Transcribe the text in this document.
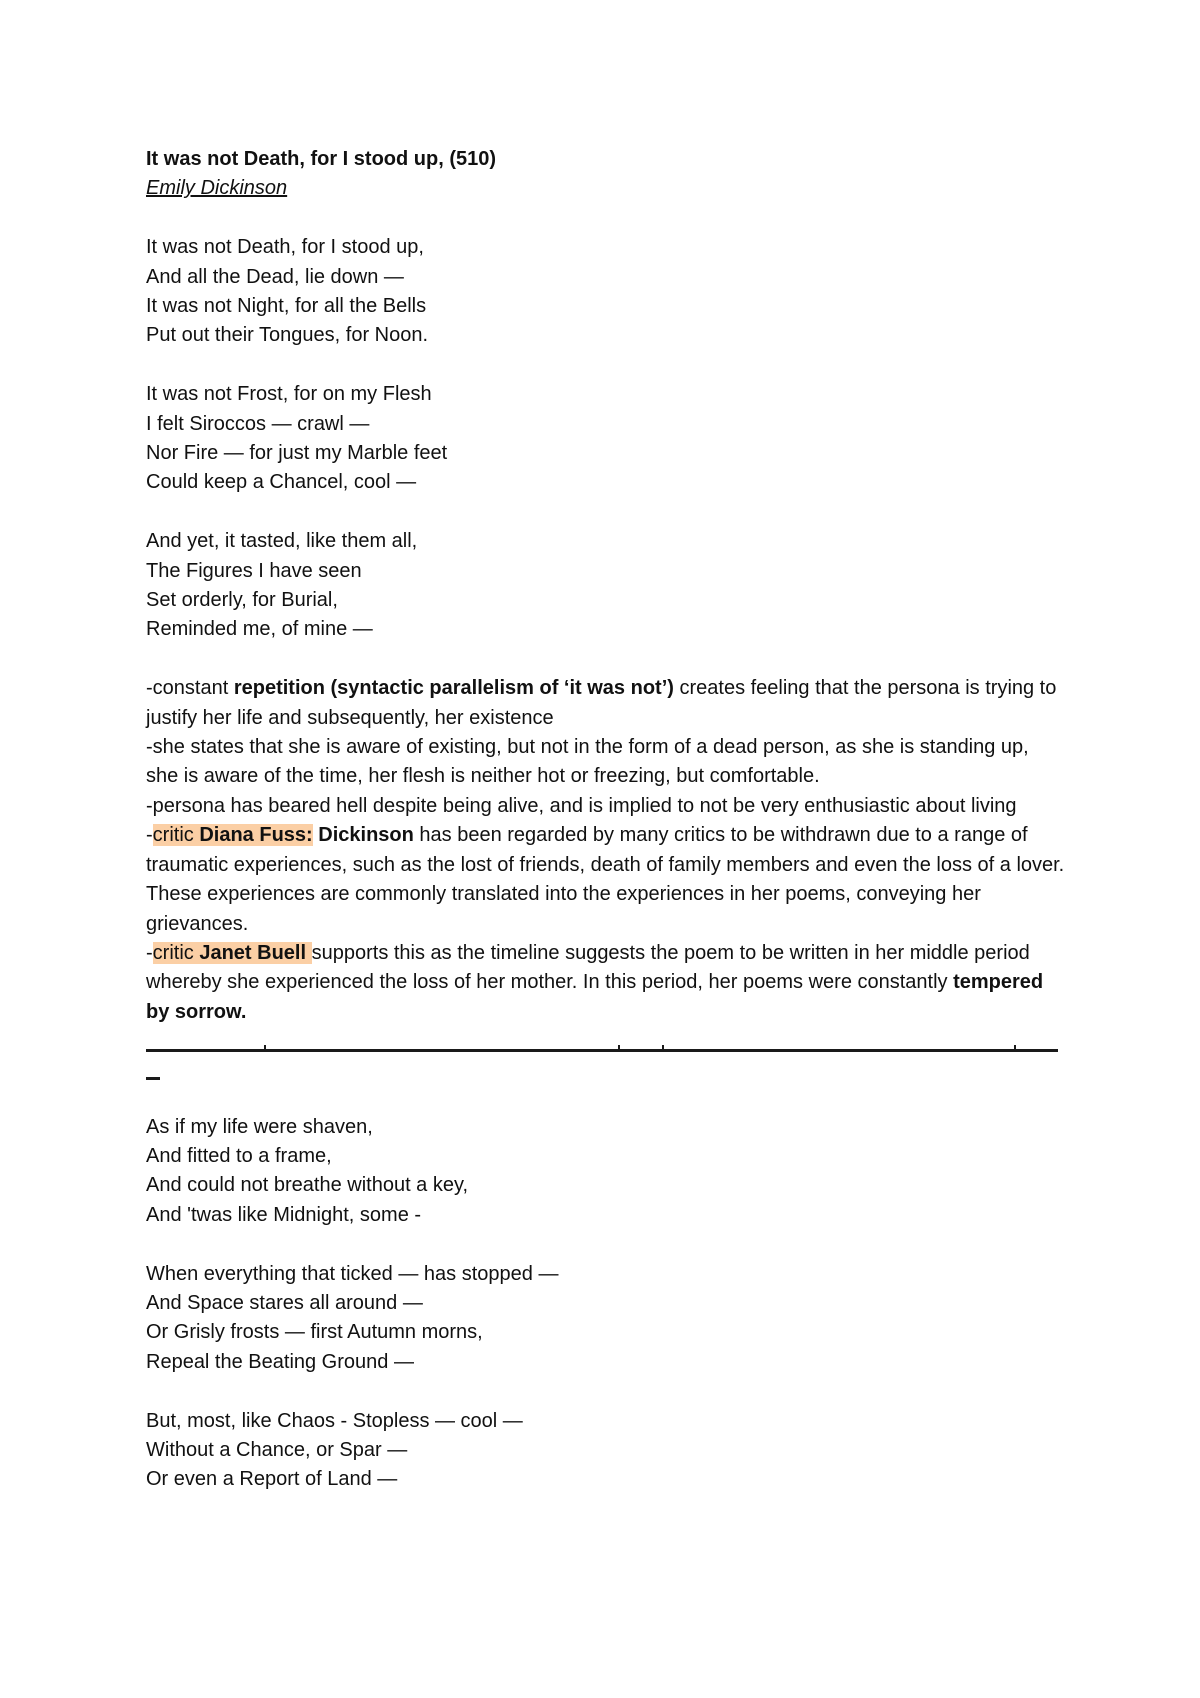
It was not Death, for I stood up, (510)
Emily Dickinson
It was not Death, for I stood up,
And all the Dead, lie down —
It was not Night, for all the Bells
Put out their Tongues, for Noon.
It was not Frost, for on my Flesh
I felt Siroccos — crawl —
Nor Fire — for just my Marble feet
Could keep a Chancel, cool —
And yet, it tasted, like them all,
The Figures I have seen
Set orderly, for Burial,
Reminded me, of mine —

-constant repetition (syntactic parallelism of ‘it was not’) creates feeling that the persona is trying to justify her life and subsequently, her existence

-she states that she is aware of existing, but not in the form of a dead person, as she is standing up, she is aware of the time, her flesh is neither hot or freezing, but comfortable.

-persona has beared hell despite being alive, and is implied to not be very enthusiastic about living

-critic Diana Fuss: Dickinson has been regarded by many critics to be withdrawn due to a range of traumatic experiences, such as the lost of friends, death of family members and even the loss of a lover. These experiences are commonly translated into the experiences in her poems, conveying her grievances.

-critic Janet Buell supports this as the timeline suggests the poem to be written in her middle period whereby she experienced the loss of her mother. In this period, her poems were constantly tempered by sorrow.

As if my life were shaven,
And fitted to a frame,
And could not breathe without a key,
And 'twas like Midnight, some -
When everything that ticked — has stopped —
And Space stares all around —
Or Grisly frosts — first Autumn morns,
Repeal the Beating Ground —
But, most, like Chaos - Stopless — cool —
Without a Chance, or Spar —
Or even a Report of Land —
